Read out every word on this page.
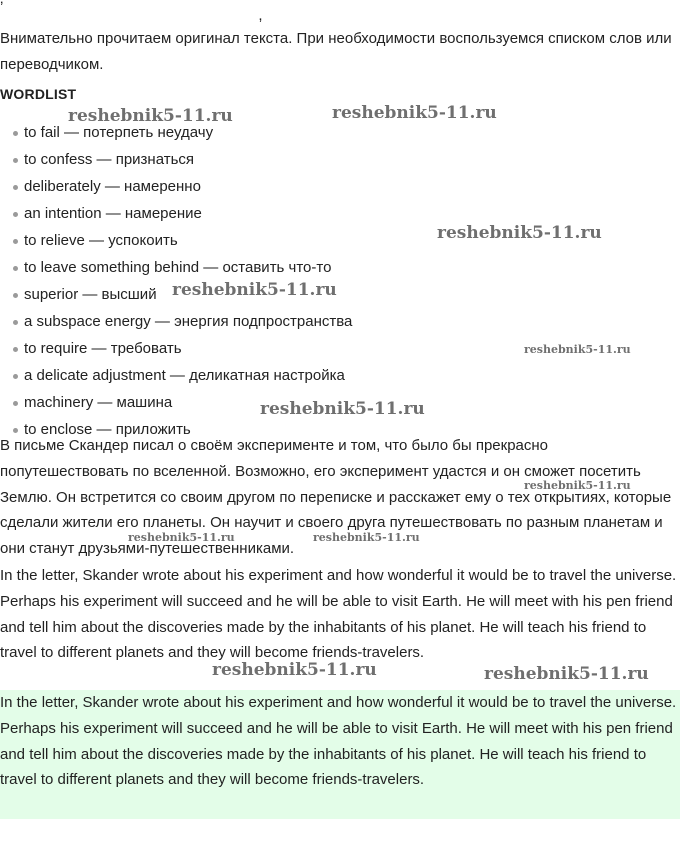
,

Внимательно прочитаем оригинал текста. При необходимости воспользуемся списком слов или переводчиком.

WORDLIST

to fail — потерпеть неудачу
to confess — признаться
deliberately — намеренно
an intention — намерение
to relieve — успокоить
to leave something behind — оставить что-то
superior — высший
a subspace energy — энергия подпространства
to require — требовать
a delicate adjustment — деликатная настройка
machinery — машина
to enclose — приложить

В письме Скандер писал о своём эксперименте и том, что было бы прекрасно попутешествовать по вселенной. Возможно, его эксперимент удастся и он сможет посетить Землю. Он встретится со своим другом по переписке и расскажет ему о тех открытиях, которые сделали жители его планеты. Он научит и своего друга путешествовать по разным планетам и они станут друзьями-путешественниками.

In the letter, Skander wrote about his experiment and how wonderful it would be to travel the universe. Perhaps his experiment will succeed and he will be able to visit Earth. He will meet with his pen friend and tell him about the discoveries made by the inhabitants of his planet. He will teach his friend to travel to different planets and they will become friends-travelers.

In the letter, Skander wrote about his experiment and how wonderful it would be to travel the universe. Perhaps his experiment will succeed and he will be able to visit Earth. He will meet with his pen friend and tell him about the discoveries made by the inhabitants of his planet. He will teach his friend to travel to different planets and they will become friends-travelers.

reshebnik5-11.ru	reshebnik5-11.ru
reshebnik5-11.ru
reshebnik5-11.ru
reshebnik5-11.ru
reshebnik5-11.ru
reshebnik5-11.ru
reshebnik5-11.ru	reshebnik5-11.ru
reshebnik5-11.ru	reshebnik5-11.ru
